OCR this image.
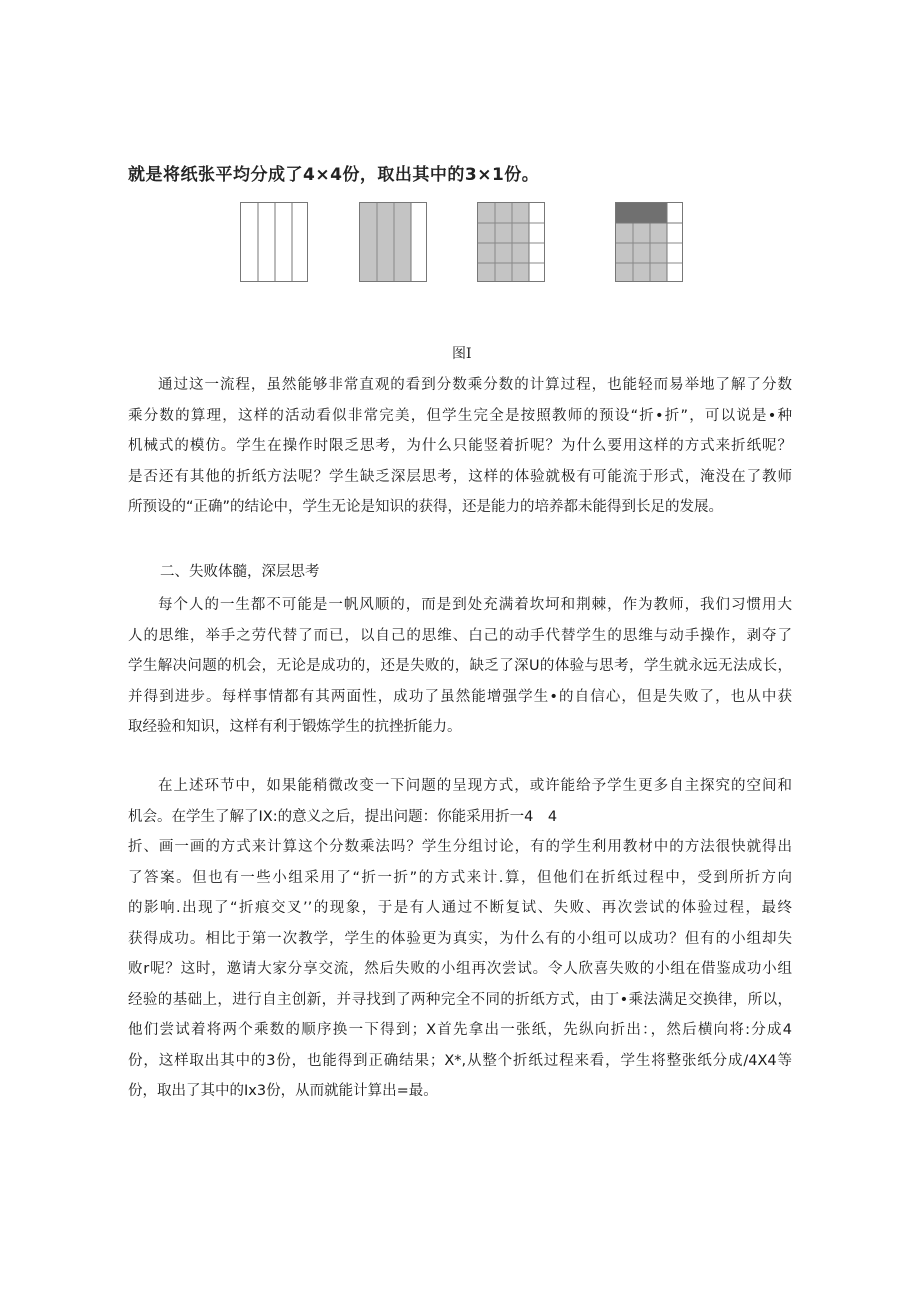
就是将纸张平均分成了4×4份，取出其中的3×1份。
图I
通过这一流程，虽然能够非常直观的看到分数乘分数的计算过程，也能轻而易举地了解了分数
乘分数的算理，这样的活动看似非常完美，但学生完全是按照教师的预设“折•折”，可以说是•种
机械式的模仿。学生在操作时限乏思考，为什么只能竖着折呢？为什么要用这样的方式来折纸呢？
是否还有其他的折纸方法呢？学生缺乏深层思考，这样的体验就极有可能流于形式，淹没在了教师
所预设的“正确”的结论中，学生无论是知识的获得，还是能力的培养都未能得到长足的发展。
二、失败体髓，深层思考
每个人的一生都不可能是一帆风顺的，而是到处充满着坎坷和荆棘，作为教师，我们习惯用大
人的思维，举手之劳代替了而已，以自己的思维、白己的动手代替学生的思维与动手操作，剥夺了
学生解决问题的机会，无论是成功的，还是失败的，缺乏了深U的体验与思考，学生就永远无法成长，
并得到进步。每样事情都有其两面性，成功了虽然能增强学生•的自信心，但是失败了，也从中获
取经验和知识，这样有利于锻炼学生的抗挫折能力。
在上述环节中，如果能稍微改变一下问题的呈现方式，或许能给予学生更多自主探究的空间和
机会。在学生了解了IX:的意义之后，提出问题：你能采用折一4　4
折、画一画的方式来计算这个分数乘法吗？学生分组讨论，有的学生利用教材中的方法很快就得出
了答案。但也有一些小组采用了“折一折”的方式来计.算，但他们在折纸过程中，受到所折方向
的影响.出现了“折痕交叉’’的现象，于是有人通过不断复试、失败、再次尝试的体验过程，最终
获得成功。相比于第一次教学，学生的体验更为真实，为什么有的小组可以成功？但有的小组却失
败r呢？这时，邀请大家分享交流，然后失败的小组再次尝试。令人欣喜失败的小组在借鉴成功小组
经验的基础上，进行自主创新，并寻找到了两种完全不同的折纸方式，由丁•乘法满足交换律，所以，
他们尝试着将两个乘数的顺序换一下得到；X首先拿出一张纸，先纵向折出：，然后横向将:分成4
份，这样取出其中的3份，也能得到正确结果；X*,从整个折纸过程来看，学生将整张纸分成/4X4等
份，取出了其中的Ix3份，从而就能计算出=最。
